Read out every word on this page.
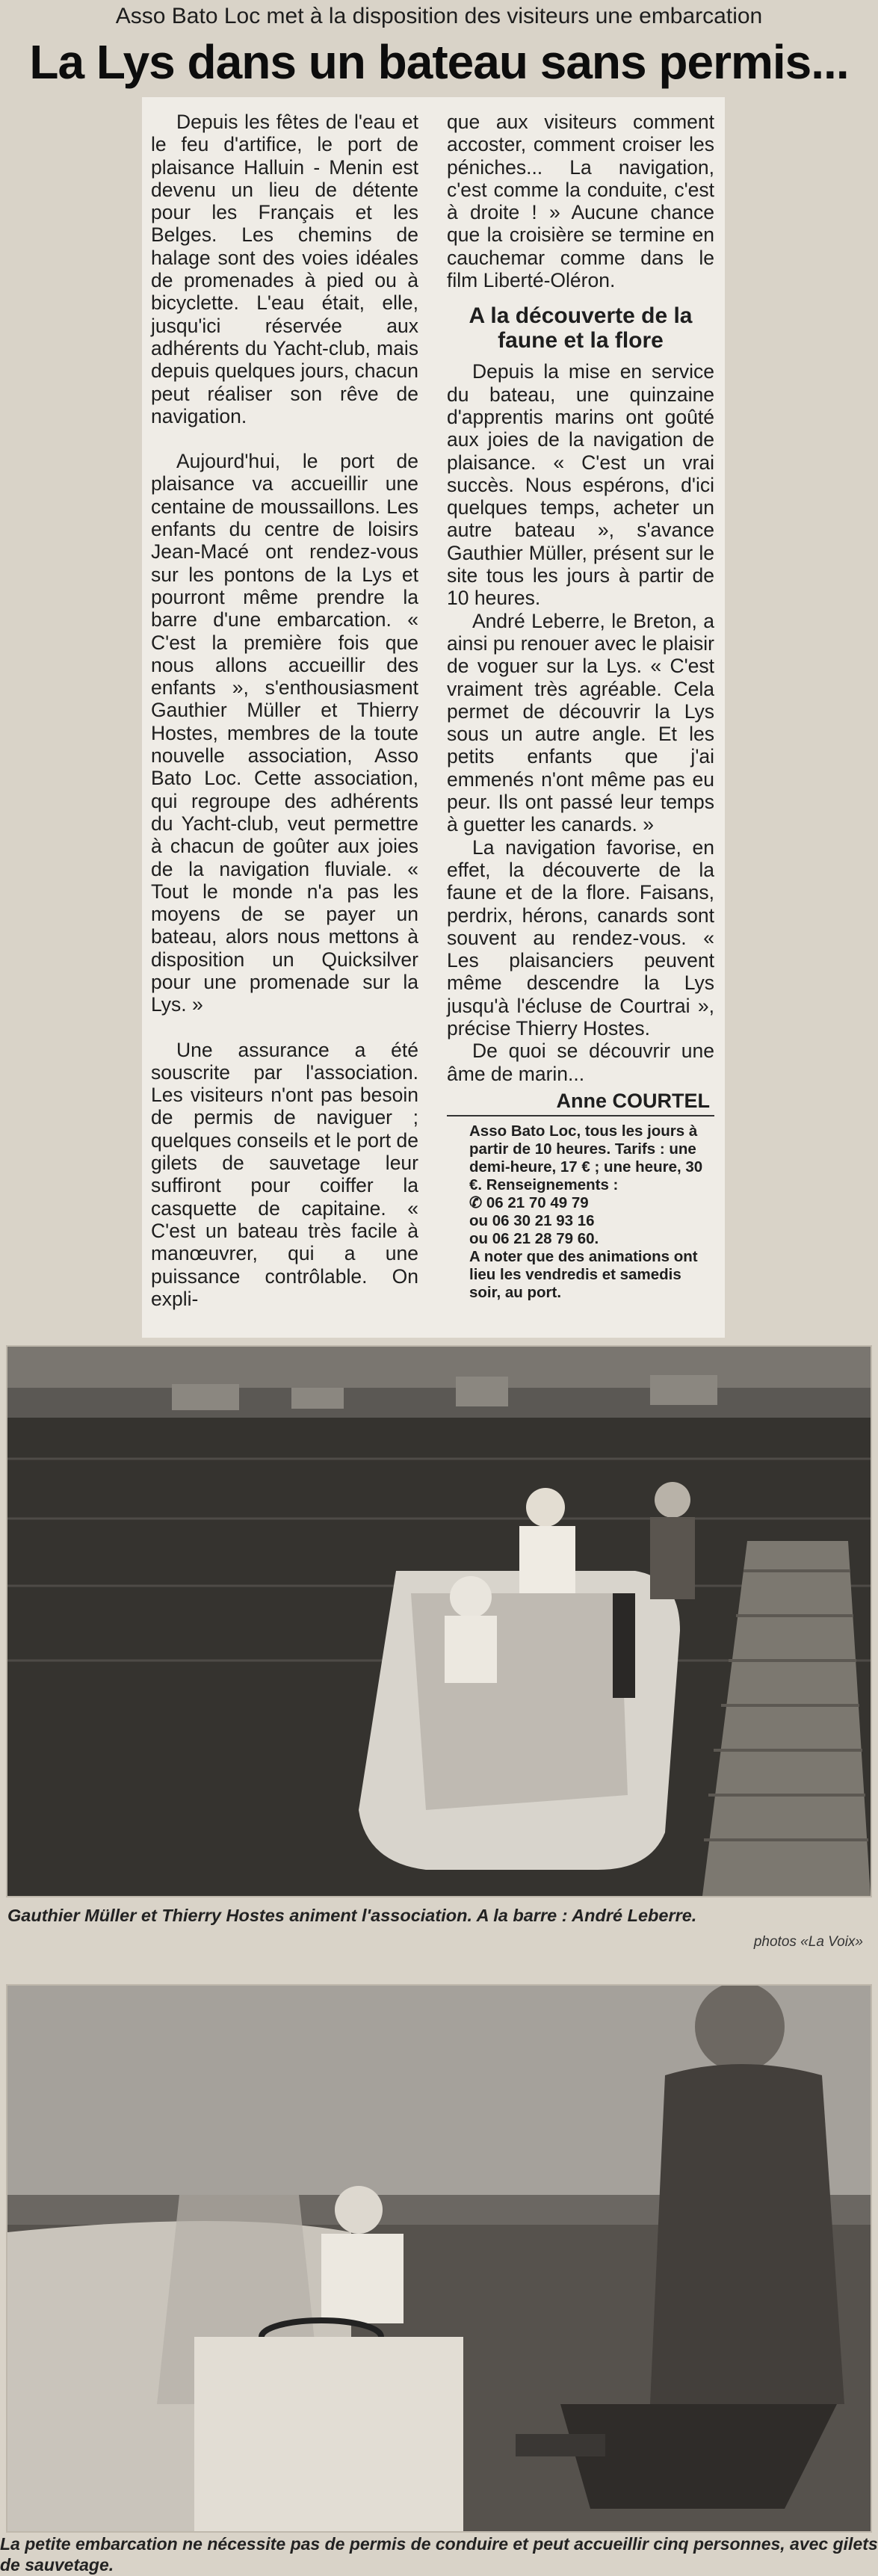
Asso Bato Loc met à la disposition des visiteurs une embarcation
La Lys dans un bateau sans permis...

Depuis les fêtes de l'eau et le feu d'artifice, le port de plaisance Halluin - Menin est devenu un lieu de détente pour les Français et les Belges. Les chemins de halage sont des voies idéales de promenades à pied ou à bicyclette. L'eau était, elle, jusqu'ici réservée aux adhérents du Yacht-club, mais depuis quelques jours, chacun peut réaliser son rêve de navigation.

Aujourd'hui, le port de plaisance va accueillir une centaine de moussaillons. Les enfants du centre de loisirs Jean-Macé ont rendez-vous sur les pontons de la Lys et pourront même prendre la barre d'une embarcation. « C'est la première fois que nous allons accueillir des enfants », s'enthousiasment Gauthier Müller et Thierry Hostes, membres de la toute nouvelle association, Asso Bato Loc. Cette association, qui regroupe des adhérents du Yacht-club, veut permettre à chacun de goûter aux joies de la navigation fluviale. « Tout le monde n'a pas les moyens de se payer un bateau, alors nous mettons à disposition un Quicksilver pour une promenade sur la Lys. »

Une assurance a été souscrite par l'association. Les visiteurs n'ont pas besoin de permis de naviguer ; quelques conseils et le port de gilets de sauvetage leur suffiront pour coiffer la casquette de capitaine. « C'est un bateau très facile à manœuvrer, qui a une puissance contrôlable. On expli-

que aux visiteurs comment accoster, comment croiser les péniches... La navigation, c'est comme la conduite, c'est à droite ! » Aucune chance que la croisière se termine en cauchemar comme dans le film Liberté-Oléron.

A la découverte de la faune et la flore

Depuis la mise en service du bateau, une quinzaine d'apprentis marins ont goûté aux joies de la navigation de plaisance. « C'est un vrai succès. Nous espérons, d'ici quelques temps, acheter un autre bateau », s'avance Gauthier Müller, présent sur le site tous les jours à partir de 10 heures.

André Leberre, le Breton, a ainsi pu renouer avec le plaisir de voguer sur la Lys. « C'est vraiment très agréable. Cela permet de découvrir la Lys sous un autre angle. Et les petits enfants que j'ai emmenés n'ont même pas eu peur. Ils ont passé leur temps à guetter les canards. »

La navigation favorise, en effet, la découverte de la faune et de la flore. Faisans, perdrix, hérons, canards sont souvent au rendez-vous. « Les plaisanciers peuvent même descendre la Lys jusqu'à l'écluse de Courtrai », précise Thierry Hostes.

De quoi se découvrir une âme de marin...

Anne COURTEL
Asso Bato Loc, tous les jours à partir de 10 heures. Tarifs : une demi-heure, 17 € ; une heure, 30 €. Renseignements :
✆ 06 21 70 49 79
ou 06 30 21 93 16
ou 06 21 28 79 60.
A noter que des animations ont lieu les vendredis et samedis soir, au port.
Gauthier Müller et Thierry Hostes animent l'association. A la barre : André Leberre.
photos «La Voix»
La petite embarcation ne nécessite pas de permis de conduire et peut accueillir cinq personnes, avec gilets de sauvetage.
